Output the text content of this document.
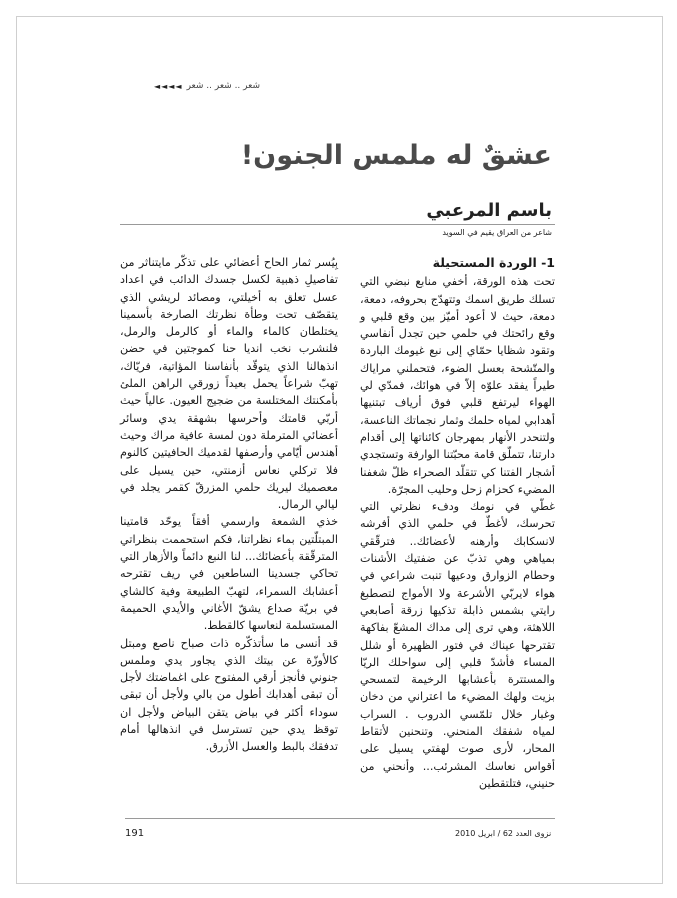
شعر .. شعر .. شعر
◄◄◄◄
عشقٌ له ملمس الجنون!
باسم المرعبي
شاعر من العراق يقيم في السويد
1- الوردة المستحيلة

تحت هذه الورقة، أخفي منابع نبضي التي تسلك طريق اسمك وتتهدّج بحروفه، دمعة، دمعة، حيث لا أعود أميّز بين وقع قلبي و وقع رائحتك في حلمي حين تجدل أنفاسي وتقود شظايا حمّاي إلى نبع غيومك الباردة والمتّشحة بعسل الضوء، فتحملني مراياك طيراً يفقد علوّه إلاّ في هوائك، فمدّي لي الهواء ليرتفع قلبي فوق أرياف تبتنيها أهدابي لمياه حلمك وثمار نجماتك الناعسة، ولتنحدر الأنهار بمهرجان كائناتها إلى أقدام دارتنا، تتملّق قامة محبّتنا الوارفة وتستجدي أشجار الفتنا كي تتقلّد الصحراء ظلّ شغفنا المضيء كحزام زحل وحليب المجرّة.

غطّي في نومك ودفء نظرتي التي تحرسك، لأغطّ في حلمي الذي أفرشه لانسكابك وأرهنه لأعضائك.. فترقّقي بمياهي وهي تذبّ عن ضفتيك الأشنات وحطام الزوارق ودعيها تنبت شراعي في هواء لايربّي الأشرعة ولا الأمواج لتصطبغ رايتي بشمس ذابلة تذكيها زرقة أصابعي اللاهثة، وهي ترى إلى مداك المشعّ بفاكهة تقترحها عيناك في فتور الظهيرة أو شلل المساء فأشدّ قلبي إلى سواحلك الريّا والمستترة بأعشابها الرخيمة لتمسحي بزيت ولهك المضيء ما اعتراني من دخان وغبار خلال تلمّسي الدروب . السراب لمياه شفقك المنحني. وتنحنين لأتقاط المحار، لأرى صوت لهفتي يسيل على أقواس نعاسك المشرئب... وأنحني من حنيني، فتلتقطين

بِيُسر ثمار الحاح أعضائي على تذكّر مايتناثر من تفاصيلِ ذهبية لكسل جسدك الدائب في اعداد عسل تعلق به أخيلتي، ومصائد لريشي الذي يتقصّف تحت وطأة نظرتك الصارخة بأسمينا يختلطان كالماء والماء أو كالرمل والرمل، فلنشرب نخب انديا حنا كموجتين في حضن انذهالنا الذي يتوقّد بأنفاسنا المؤاتية، فريّاك، تهبّ شراعاً يحمل بعيداً زورقي الراهن الملئ بأمكنتك المختلسة من ضجيج العيون. عالياً حيث أربّي قامتك وأحرسها بشهقة يدي وسائر أعضائي المترملة دون لمسة عافية مراك وحيث أهندس أيّامي وأرصفها لقدميك الحافيتين كالنوم فلا تركلي نعاس أزمنتي، حين يسيل على معصميك ليريك حلمي المزرقّ كقمر يجلد في ليالي الرمال.

خذي الشمعة وارسمي أفقاً يوحّد قامتينا المبتلّتين بماء نظراتنا، فكم استحممت بنظراتي المترقّقة بأعضائك... لنا النبع دائماً والأزهار التي تحاكي جسدينا الساطعين في ريف تقترحه أعشابك السمراء، لتهبّ الطبيعة وفية كالشاي في بريّة صداع يشقّ الأغاني والأيدي الحميمة المستسلمة لنعاسها كالقطط.

قد أنسى ما سأتذكّره ذات صباح ناصع ومبتل كالأوزّة عن بيتك الذي يجاور يدي وملمس جنوني فأنجز أرقي المفتوح على اغماضتك لأجل أن تبقى أهدابك أطول من بالي ولأجل أن تبقى سوداء أكثر في بياض يتقن البياض ولأجل ان توقظ يدي حين تسترسل في انذهالها أمام تدفقك بالبط والعسل الأزرق.

191	نزوى العدد 62 / ابريل 2010
